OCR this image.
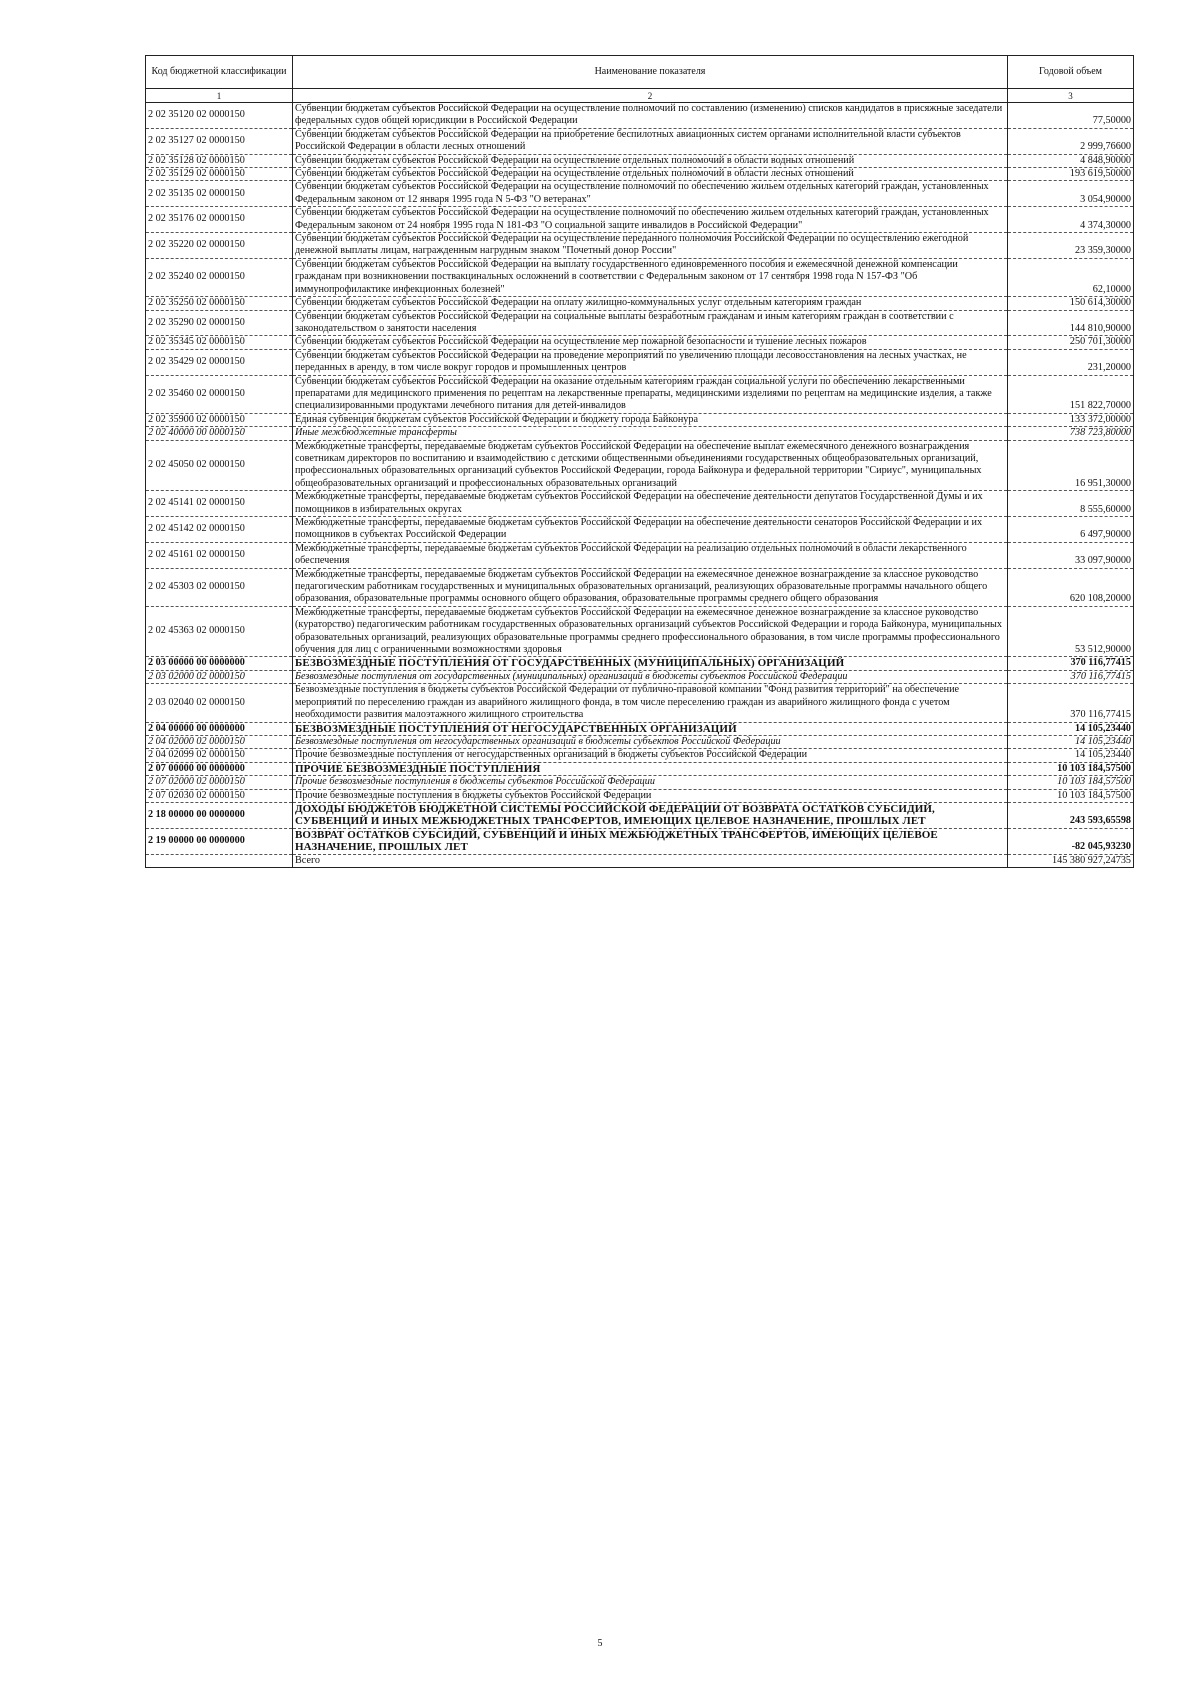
Код бюджетной классификации	Наименование показателя	Годовой объем
1	2	3
2 02 35120 02 0000150	Субвенции бюджетам субъектов Российской Федерации на осуществление полномочий по составлению (изменению) списков кандидатов в присяжные заседатели федеральных судов общей юрисдикции в Российской Федерации	77,50000
2 02 35127 02 0000150	Субвенции бюджетам субъектов Российской Федерации на приобретение беспилотных авиационных систем органами исполнительной власти субъектов Российской Федерации в области лесных отношений	2 999,76600
2 02 35128 02 0000150	Субвенции бюджетам субъектов Российской Федерации на осуществление отдельных полномочий в области водных отношений	4 848,90000
2 02 35129 02 0000150	Субвенции бюджетам субъектов Российской Федерации на осуществление отдельных полномочий в области лесных отношений	193 619,50000
2 02 35135 02 0000150	Субвенции бюджетам субъектов Российской Федерации на осуществление полномочий по обеспечению жильем отдельных категорий граждан, установленных Федеральным законом от 12 января 1995 года N 5-ФЗ "О ветеранах"	3 054,90000
2 02 35176 02 0000150	Субвенции бюджетам субъектов Российской Федерации на осуществление полномочий по обеспечению жильем отдельных категорий граждан, установленных Федеральным законом от 24 ноября 1995 года N 181-ФЗ "О социальной защите инвалидов в Российской Федерации"	4 374,30000
2 02 35220 02 0000150	Субвенции бюджетам субъектов Российской Федерации на осуществление переданного полномочия Российской Федерации по осуществлению ежегодной денежной выплаты лицам, награжденным нагрудным знаком "Почетный донор России"	23 359,30000
2 02 35240 02 0000150	Субвенции бюджетам субъектов Российской Федерации на выплату государственного единовременного пособия и ежемесячной денежной компенсации гражданам при возникновении поствакцинальных осложнений в соответствии с Федеральным законом от 17 сентября 1998 года N 157-ФЗ "Об иммунопрофилактике инфекционных болезней"	62,10000
2 02 35250 02 0000150	Субвенции бюджетам субъектов Российской Федерации на оплату жилищно-коммунальных услуг отдельным категориям граждан	150 614,30000
2 02 35290 02 0000150	Субвенции бюджетам субъектов Российской Федерации на социальные выплаты безработным гражданам и иным категориям граждан в соответствии с законодательством о занятости населения	144 810,90000
2 02 35345 02 0000150	Субвенции бюджетам субъектов Российской Федерации на осуществление мер пожарной безопасности и тушение лесных пожаров	250 701,30000
2 02 35429 02 0000150	Субвенции бюджетам субъектов Российской Федерации на проведение мероприятий по увеличению площади лесовосстановления на лесных участках, не переданных в аренду, в том числе вокруг городов и промышленных центров	231,20000
2 02 35460 02 0000150	Субвенции бюджетам субъектов Российской Федерации на оказание отдельным категориям граждан социальной услуги по обеспечению лекарственными препаратами для медицинского применения по рецептам на лекарственные препараты, медицинскими изделиями по рецептам на медицинские изделия, а также специализированными продуктами лечебного питания для детей-инвалидов	151 822,70000
2 02 35900 02 0000150	Единая субвенция бюджетам субъектов Российской Федерации и бюджету города Байконура	133 372,00000
2 02 40000 00 0000150	Иные межбюджетные трансферты	738 723,80000
2 02 45050 02 0000150	Межбюджетные трансферты, передаваемые бюджетам субъектов Российской Федерации на обеспечение выплат ежемесячного денежного вознаграждения советникам директоров по воспитанию и взаимодействию с детскими общественными объединениями государственных общеобразовательных организаций, профессиональных образовательных организаций субъектов Российской Федерации, города Байконура и федеральной территории "Сириус", муниципальных общеобразовательных организаций и профессиональных образовательных организаций	16 951,30000
2 02 45141 02 0000150	Межбюджетные трансферты, передаваемые бюджетам субъектов Российской Федерации на обеспечение деятельности депутатов Государственной Думы и их помощников в избирательных округах	8 555,60000
2 02 45142 02 0000150	Межбюджетные трансферты, передаваемые бюджетам субъектов Российской Федерации на обеспечение деятельности сенаторов Российской Федерации и их помощников в субъектах Российской Федерации	6 497,90000
2 02 45161 02 0000150	Межбюджетные трансферты, передаваемые бюджетам субъектов Российской Федерации на реализацию отдельных полномочий в области лекарственного обеспечения	33 097,90000
2 02 45303 02 0000150	Межбюджетные трансферты, передаваемые бюджетам субъектов Российской Федерации на ежемесячное денежное вознаграждение за классное руководство педагогическим работникам государственных и муниципальных образовательных организаций, реализующих образовательные программы начального общего образования, образовательные программы основного общего образования, образовательные программы среднего общего образования	620 108,20000
2 02 45363 02 0000150	Межбюджетные трансферты, передаваемые бюджетам субъектов Российской Федерации на ежемесячное денежное вознаграждение за классное руководство (кураторство) педагогическим работникам государственных образовательных организаций субъектов Российской Федерации и города Байконура, муниципальных образовательных организаций, реализующих образовательные программы среднего профессионального образования, в том числе программы профессионального обучения для лиц с ограниченными возможностями здоровья	53 512,90000
2 03 00000 00 0000000	БЕЗВОЗМЕЗДНЫЕ ПОСТУПЛЕНИЯ ОТ ГОСУДАРСТВЕННЫХ (МУНИЦИПАЛЬНЫХ) ОРГАНИЗАЦИЙ	370 116,77415
2 03 02000 02 0000150	Безвозмездные поступления от государственных (муниципальных) организаций в бюджеты субъектов Российской Федерации	370 116,77415
2 03 02040 02 0000150	Безвозмездные поступления в бюджеты субъектов Российской Федерации от публично-правовой компании "Фонд развития территорий" на обеспечение мероприятий по переселению граждан из аварийного жилищного фонда, в том числе переселению граждан из аварийного жилищного фонда с учетом необходимости развития малоэтажного жилищного строительства	370 116,77415
2 04 00000 00 0000000	БЕЗВОЗМЕЗДНЫЕ ПОСТУПЛЕНИЯ ОТ НЕГОСУДАРСТВЕННЫХ ОРГАНИЗАЦИЙ	14 105,23440
2 04 02000 02 0000150	Безвозмездные поступления от негосударственных организаций в бюджеты субъектов Российской Федерации	14 105,23440
2 04 02099 02 0000150	Прочие безвозмездные поступления от негосударственных организаций в бюджеты субъектов Российской Федерации	14 105,23440
2 07 00000 00 0000000	ПРОЧИЕ БЕЗВОЗМЕЗДНЫЕ ПОСТУПЛЕНИЯ	10 103 184,57500
2 07 02000 02 0000150	Прочие безвозмездные поступления в бюджеты субъектов Российской Федерации	10 103 184,57500
2 07 02030 02 0000150	Прочие безвозмездные поступления в бюджеты субъектов Российской Федерации	10 103 184,57500
2 18 00000 00 0000000	ДОХОДЫ БЮДЖЕТОВ БЮДЖЕТНОЙ СИСТЕМЫ РОССИЙСКОЙ ФЕДЕРАЦИИ ОТ ВОЗВРАТА ОСТАТКОВ СУБСИДИЙ, СУБВЕНЦИЙ И ИНЫХ МЕЖБЮДЖЕТНЫХ ТРАНСФЕРТОВ, ИМЕЮЩИХ ЦЕЛЕВОЕ НАЗНАЧЕНИЕ, ПРОШЛЫХ ЛЕТ	243 593,65598
2 19 00000 00 0000000	ВОЗВРАТ ОСТАТКОВ СУБСИДИЙ, СУБВЕНЦИЙ И ИНЫХ МЕЖБЮДЖЕТНЫХ ТРАНСФЕРТОВ, ИМЕЮЩИХ ЦЕЛЕВОЕ НАЗНАЧЕНИЕ, ПРОШЛЫХ ЛЕТ	-82 045,93230
	Всего	145 380 927,24735
5
